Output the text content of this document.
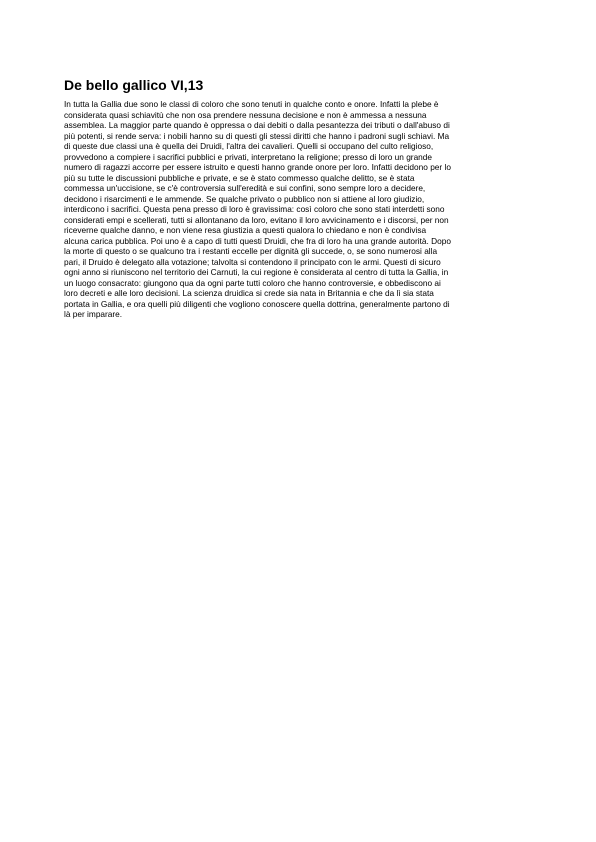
De bello gallico VI,13
In tutta la Gallia due sono le classi di coloro che sono tenuti in qualche conto e onore. Infatti la plebe è
considerata quasi schiavitù che non osa prendere nessuna decisione e non è ammessa a nessuna
assemblea. La maggior parte quando è oppressa o dai debiti o dalla pesantezza dei tributi o dall'abuso di
più potenti, si rende serva: i nobili hanno su di questi gli stessi diritti che hanno i padroni sugli schiavi. Ma
di queste due classi una è quella dei Druidi, l'altra dei cavalieri. Quelli si occupano del culto religioso,
provvedono a compiere i sacrifici pubblici e privati, interpretano la religione; presso di loro un grande
numero di ragazzi accorre per essere istruito e questi hanno grande onore per loro. Infatti decidono per lo
più su tutte le discussioni pubbliche e private, e se è stato commesso qualche delitto, se è stata
commessa un'uccisione, se c'è controversia sull'eredità e sui confini, sono sempre loro a decidere,
decidono i risarcimenti e le ammende. Se qualche privato o pubblico non si attiene al loro giudizio,
interdicono i sacrifici. Questa pena presso di loro è gravissima: così coloro che sono stati interdetti sono
considerati empi e scellerati, tutti si allontanano da loro, evitano il loro avvicinamento e i discorsi, per non
riceverne qualche danno, e non viene resa giustizia a questi qualora lo chiedano e non è condivisa
alcuna carica pubblica. Poi uno è a capo di tutti questi Druidi, che fra di loro ha una grande autorità. Dopo
la morte di questo o se qualcuno tra i restanti eccelle per dignità gli succede, o, se sono numerosi alla
pari, il Druido è delegato alla votazione; talvolta si contendono il principato con le armi. Questi di sicuro
ogni anno si riuniscono nel territorio dei Carnuti, la cui regione è considerata al centro di tutta la Gallia, in
un luogo consacrato: giungono qua da ogni parte tutti coloro che hanno controversie, e obbediscono ai
loro decreti e alle loro decisioni. La scienza druidica si crede sia nata in Britannia e che da lì sia stata
portata in Gallia, e ora quelli più diligenti che vogliono conoscere quella dottrina, generalmente partono di
là per imparare.
